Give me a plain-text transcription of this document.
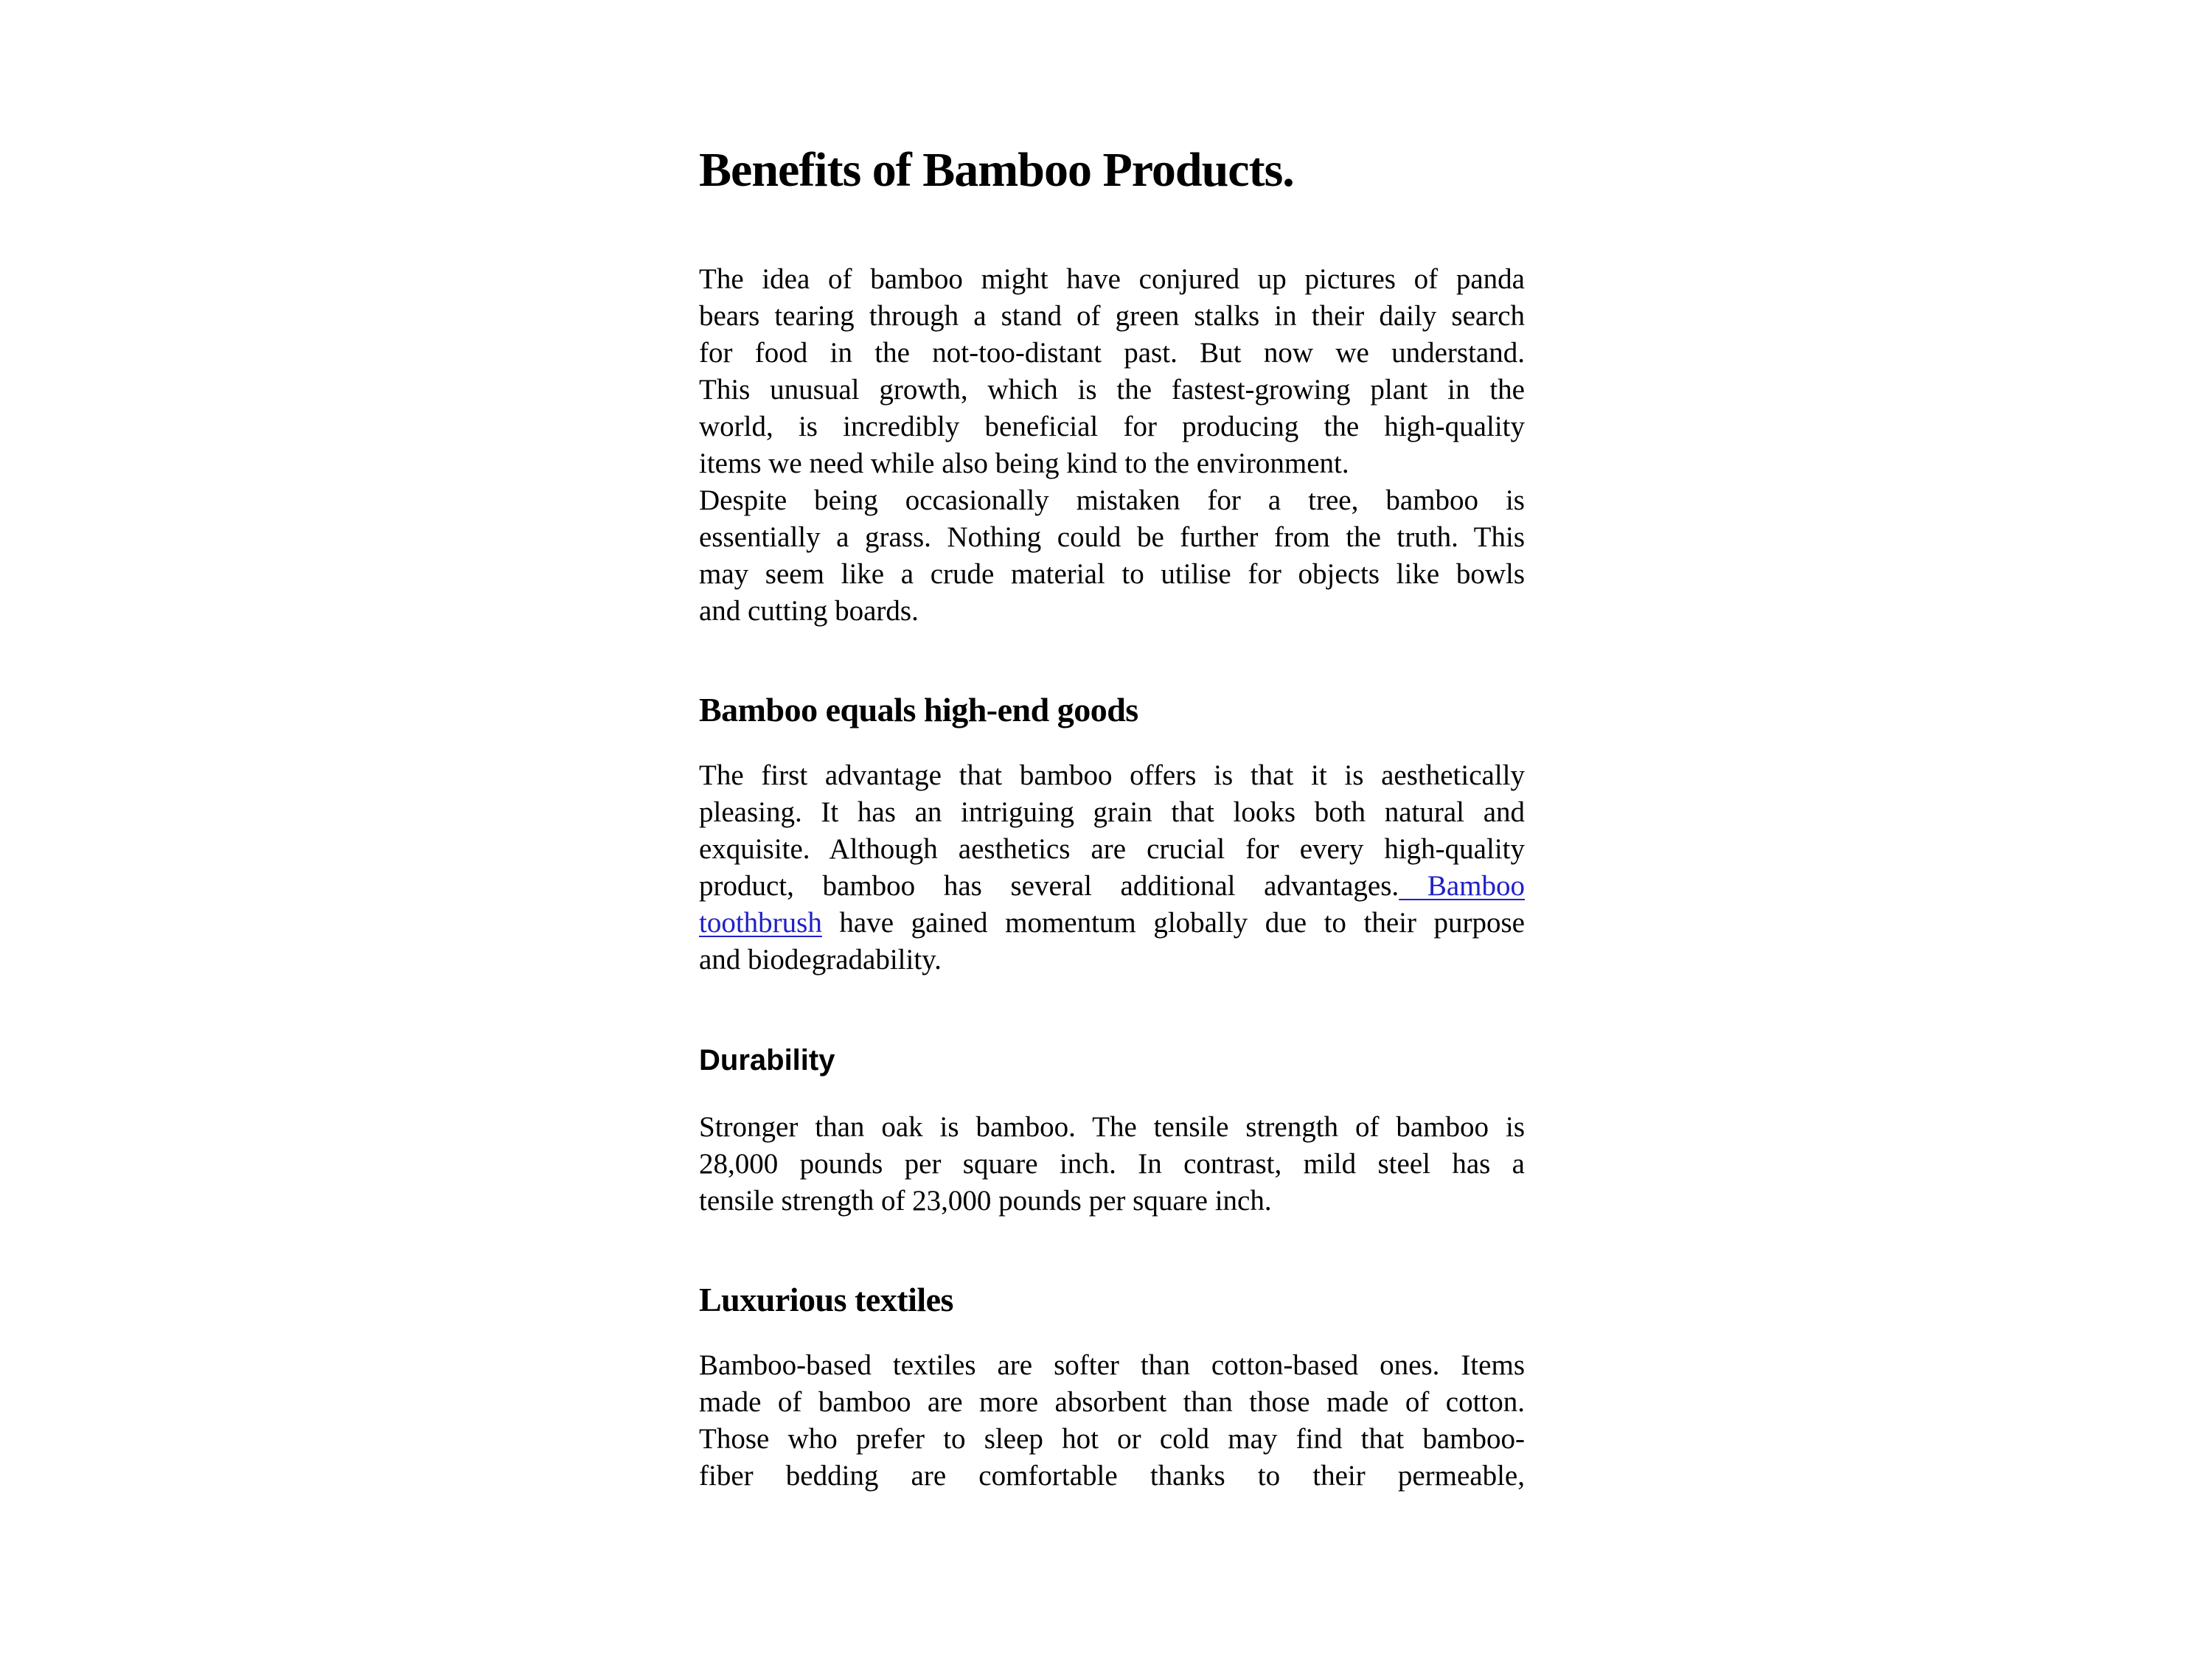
Benefits of Bamboo Products.
The idea of bamboo might have conjured up pictures of panda
bears tearing through a stand of green stalks in their daily search
for food in the not-too-distant past. But now we understand.
This unusual growth, which is the fastest-growing plant in the
world, is incredibly beneficial for producing the high-quality
items we need while also being kind to the environment.
Despite being occasionally mistaken for a tree, bamboo is
essentially a grass. Nothing could be further from the truth. This
may seem like a crude material to utilise for objects like bowls
and cutting boards.
Bamboo equals high-end goods
The first advantage that bamboo offers is that it is aesthetically
pleasing. It has an intriguing grain that looks both natural and
exquisite. Although aesthetics are crucial for every high-quality
product, bamboo has several additional advantages. Bamboo
toothbrush have gained momentum globally due to their purpose
and biodegradability.
Durability
Stronger than oak is bamboo. The tensile strength of bamboo is
28,000 pounds per square inch. In contrast, mild steel has a
tensile strength of 23,000 pounds per square inch.
Luxurious textiles
Bamboo-based textiles are softer than cotton-based ones. Items
made of bamboo are more absorbent than those made of cotton.
Those who prefer to sleep hot or cold may find that bamboo-
fiber bedding are comfortable thanks to their permeable,
